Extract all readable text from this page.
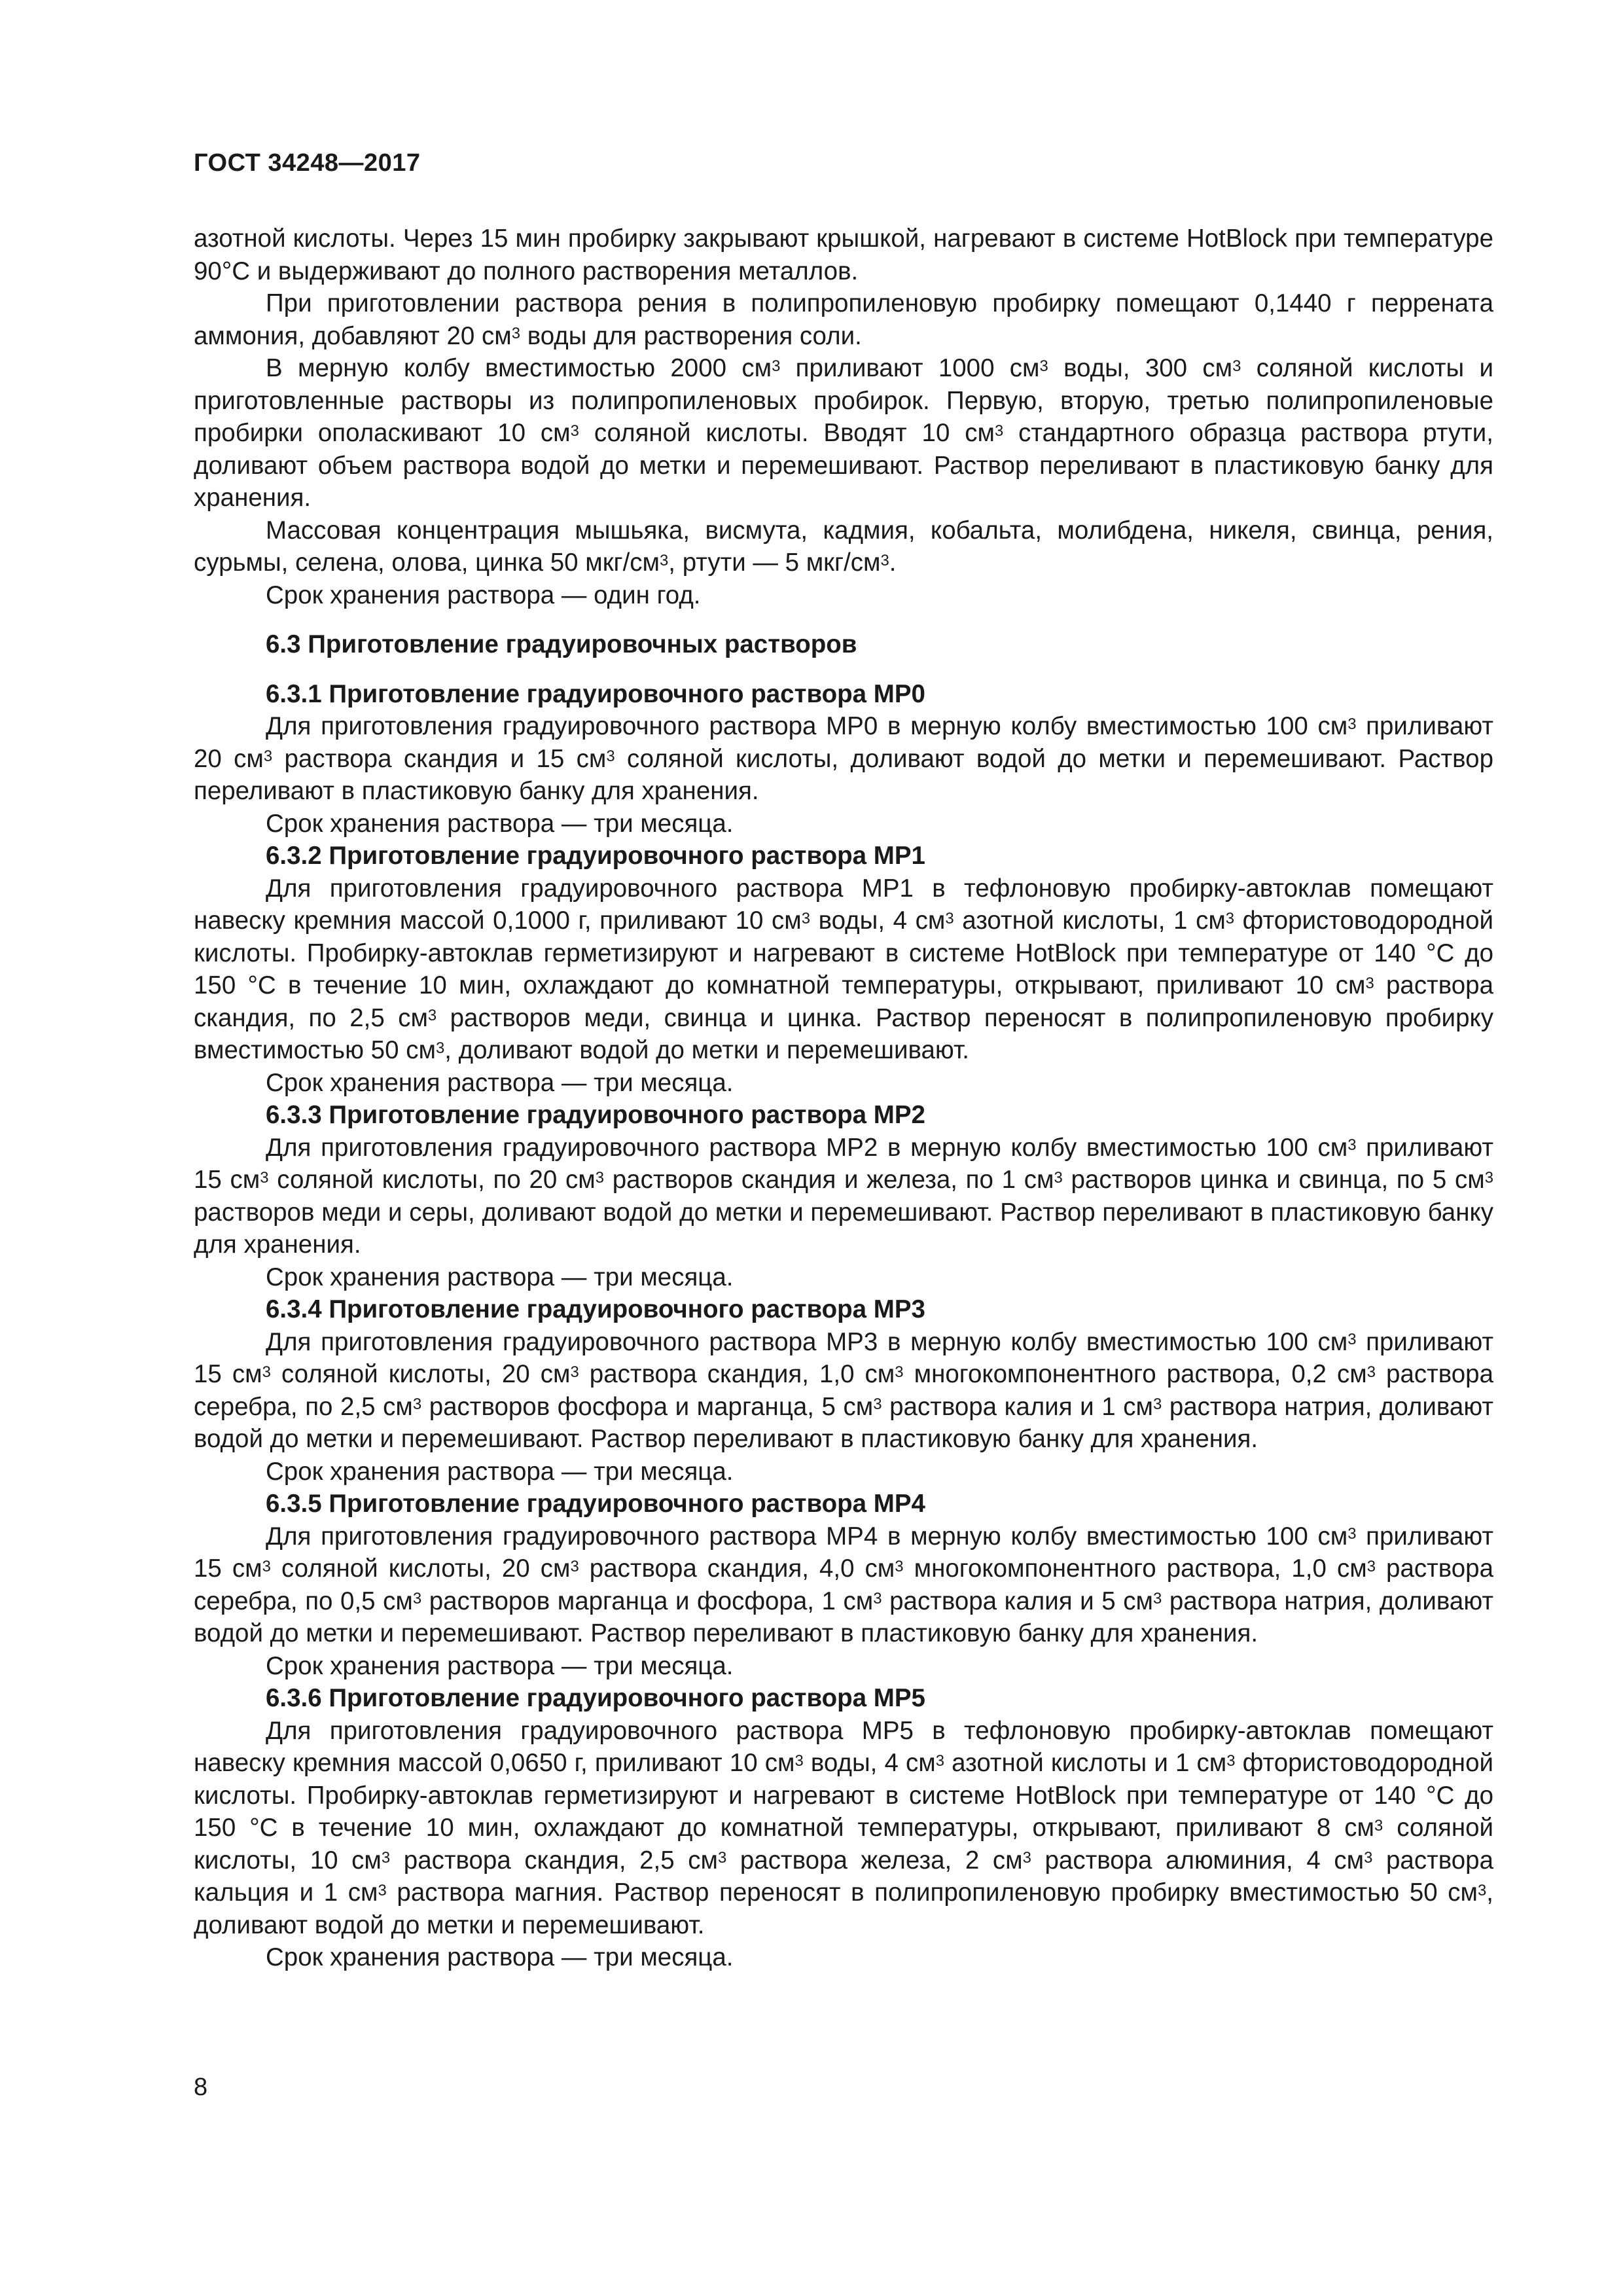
ГОСТ 34248—2017

азотной кислоты. Через 15 мин пробирку закрывают крышкой, нагревают в системе HotBlock при температуре 90°С и выдерживают до полного растворения металлов.

При приготовлении раствора рения в полипропиленовую пробирку помещают 0,1440 г перрената аммония, добавляют 20 $см^3$ воды для растворения соли.

В мерную колбу вместимостью 2000 $см^3$ приливают 1000 $см^3$ воды, 300 $см^3$ соляной кислоты и приготовленные растворы из полипропиленовых пробирок. Первую, вторую, третью полипропиленовые пробирки ополаскивают 10 $см^3$ соляной кислоты. Вводят 10 $см^3$ стандартного образца раствора ртути, доливают объем раствора водой до метки и перемешивают. Раствор переливают в пластиковую банку для хранения.

Массовая концентрация мышьяка, висмута, кадмия, кобальта, молибдена, никеля, свинца, рения, сурьмы, селена, олова, цинка 50 мкг/$см^3$, ртути — 5 мкг/$см^3$.

Срок хранения раствора — один год.

6.3 Приготовление градуировочных растворов
6.3.1 Приготовление градуировочного раствора МР0

Для приготовления градуировочного раствора МР0 в мерную колбу вместимостью 100 $см^3$ приливают 20 $см^3$ раствора скандия и 15 $см^3$ соляной кислоты, доливают водой до метки и перемешивают. Раствор переливают в пластиковую банку для хранения.

Срок хранения раствора — три месяца.

6.3.2 Приготовление градуировочного раствора МР1

Для приготовления градуировочного раствора МР1 в тефлоновую пробирку-автоклав помещают навеску кремния массой 0,1000 г, приливают 10 $см^3$ воды, 4 $см^3$ азотной кислоты, 1 $см^3$ фтористоводородной кислоты. Пробирку-автоклав герметизируют и нагревают в системе HotBlock при температуре от 140 °С до 150 °С в течение 10 мин, охлаждают до комнатной температуры, открывают, приливают 10 $см^3$ раствора скандия, по 2,5 $см^3$ растворов меди, свинца и цинка. Раствор переносят в полипропиленовую пробирку вместимостью 50 $см^3$, доливают водой до метки и перемешивают.

Срок хранения раствора — три месяца.

6.3.3 Приготовление градуировочного раствора МР2

Для приготовления градуировочного раствора МР2 в мерную колбу вместимостью 100 $см^3$ приливают 15 $см^3$ соляной кислоты, по 20 $см^3$ растворов скандия и железа, по 1 $см^3$ растворов цинка и свинца, по 5 $см^3$ растворов меди и серы, доливают водой до метки и перемешивают. Раствор переливают в пластиковую банку для хранения.

Срок хранения раствора — три месяца.

6.3.4 Приготовление градуировочного раствора МР3

Для приготовления градуировочного раствора МР3 в мерную колбу вместимостью 100 $см^3$ приливают 15 $см^3$ соляной кислоты, 20 $см^3$ раствора скандия, 1,0 $см^3$ многокомпонентного раствора, 0,2 $см^3$ раствора серебра, по 2,5 $см^3$ растворов фосфора и марганца, 5 $см^3$ раствора калия и 1 $см^3$ раствора натрия, доливают водой до метки и перемешивают. Раствор переливают в пластиковую банку для хранения.

Срок хранения раствора — три месяца.

6.3.5 Приготовление градуировочного раствора МР4

Для приготовления градуировочного раствора МР4 в мерную колбу вместимостью 100 $см^3$ приливают 15 $см^3$ соляной кислоты, 20 $см^3$ раствора скандия, 4,0 $см^3$ многокомпонентного раствора, 1,0 $см^3$ раствора серебра, по 0,5 $см^3$ растворов марганца и фосфора, 1 $см^3$ раствора калия и 5 $см^3$ раствора натрия, доливают водой до метки и перемешивают. Раствор переливают в пластиковую банку для хранения.

Срок хранения раствора — три месяца.

6.3.6 Приготовление градуировочного раствора МР5

Для приготовления градуировочного раствора МР5 в тефлоновую пробирку-автоклав помещают навеску кремния массой 0,0650 г, приливают 10 $см^3$ воды, 4 $см^3$ азотной кислоты и 1 $см^3$ фтористоводородной кислоты. Пробирку-автоклав герметизируют и нагревают в системе HotBlock при температуре от 140 °С до 150 °С в течение 10 мин, охлаждают до комнатной температуры, открывают, приливают 8 $см^3$ соляной кислоты, 10 $см^3$ раствора скандия, 2,5 $см^3$ раствора железа, 2 $см^3$ раствора алюминия, 4 $см^3$ раствора кальция и 1 $см^3$ раствора магния. Раствор переносят в полипропиленовую пробирку вместимостью 50 $см^3$, доливают водой до метки и перемешивают.

Срок хранения раствора — три месяца.

8
